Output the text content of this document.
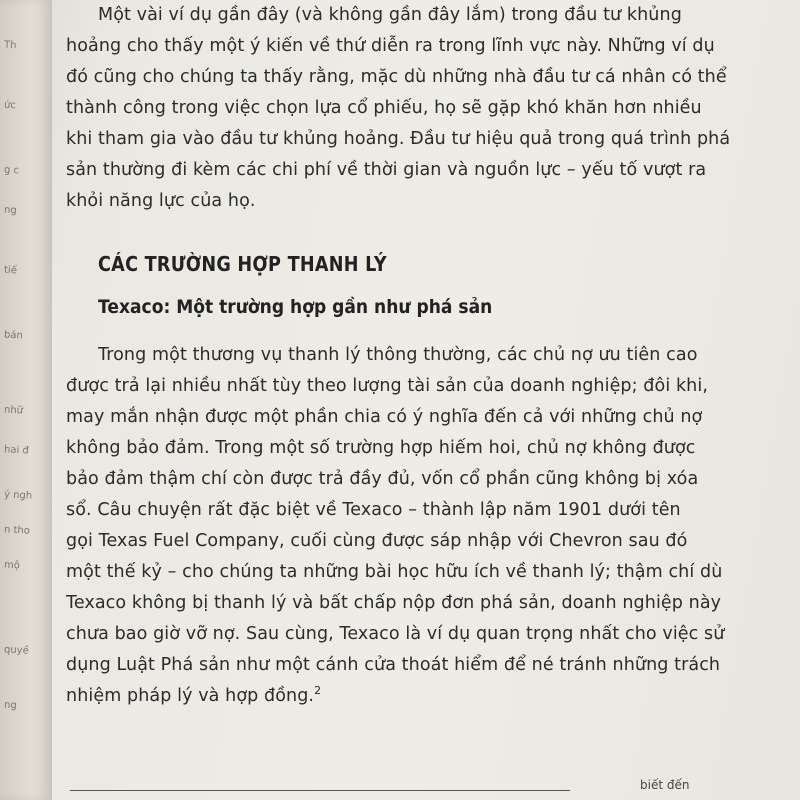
Th
ức
g c
ng
tiế
bán
nhữ
hai đ
ý ngh
n tho
mộ
quyề
ng
Một vài ví dụ gần đây (và không gần đây lắm) trong đầu tư khủng
hoảng cho thấy một ý kiến về thứ diễn ra trong lĩnh vực này. Những ví dụ
đó cũng cho chúng ta thấy rằng, mặc dù những nhà đầu tư cá nhân có thể
thành công trong việc chọn lựa cổ phiếu, họ sẽ gặp khó khăn hơn nhiều
khi tham gia vào đầu tư khủng hoảng. Đầu tư hiệu quả trong quá trình phá
sản thường đi kèm các chi phí về thời gian và nguồn lực – yếu tố vượt ra
khỏi năng lực của họ.
CÁC TRƯỜNG HỢP THANH LÝ
Texaco: Một trường hợp gần như phá sản
Trong một thương vụ thanh lý thông thường, các chủ nợ ưu tiên cao
được trả lại nhiều nhất tùy theo lượng tài sản của doanh nghiệp; đôi khi,
may mắn nhận được một phần chia có ý nghĩa đến cả với những chủ nợ
không bảo đảm. Trong một số trường hợp hiếm hoi, chủ nợ không được
bảo đảm thậm chí còn được trả đầy đủ, vốn cổ phần cũng không bị xóa
sổ. Câu chuyện rất đặc biệt về Texaco – thành lập năm 1901 dưới tên
gọi Texas Fuel Company, cuối cùng được sáp nhập với Chevron sau đó
một thế kỷ – cho chúng ta những bài học hữu ích về thanh lý; thậm chí dù
Texaco không bị thanh lý và bất chấp nộp đơn phá sản, doanh nghiệp này
chưa bao giờ vỡ nợ. Sau cùng, Texaco là ví dụ quan trọng nhất cho việc sử
dụng Luật Phá sản như một cánh cửa thoát hiểm để né tránh những trách
nhiệm pháp lý và hợp đồng.$^2$
biết đến
